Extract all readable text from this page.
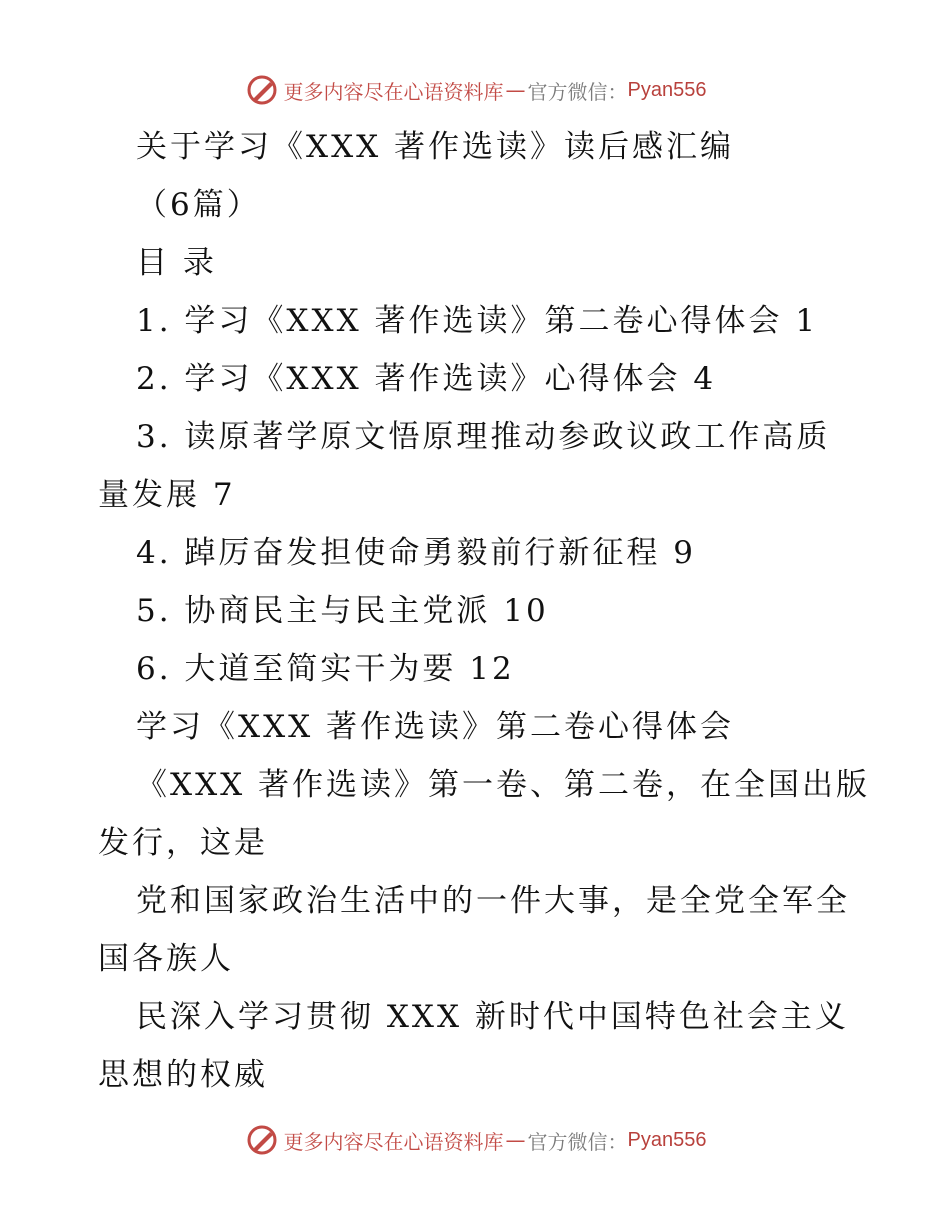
更多内容尽在心语资料库 — 官方微信： Pyan556

关于学习《XXX 著作选读》读后感汇编

（6篇）

目 录

1. 学习《XXX 著作选读》第二卷心得体会 1

2. 学习《XXX 著作选读》心得体会 4

3. 读原著学原文悟原理推动参政议政工作高质

量发展 7

4. 踔厉奋发担使命勇毅前行新征程 9

5. 协商民主与民主党派 10

6. 大道至简实干为要 12

学习《XXX 著作选读》第二卷心得体会

《XXX 著作选读》第一卷、第二卷，在全国出版

发行，这是

党和国家政治生活中的一件大事，是全党全军全

国各族人

民深入学习贯彻 XXX 新时代中国特色社会主义

思想的权威

更多内容尽在心语资料库 — 官方微信： Pyan556
